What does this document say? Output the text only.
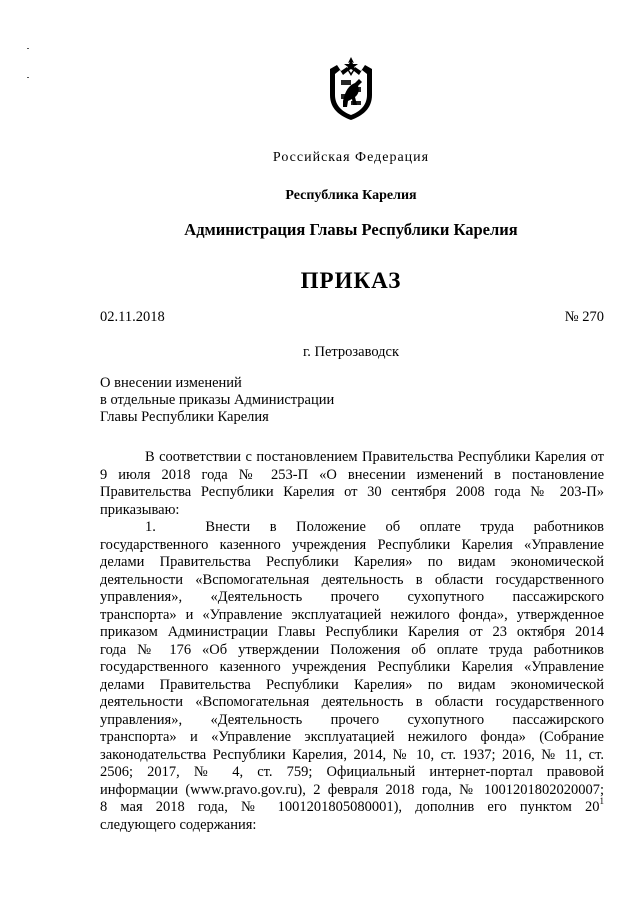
Российская Федерация
Республика Карелия
Администрация Главы Республики Карелия
ПРИКАЗ
02.11.2018	№ 270
г. Петрозаводск
О внесении изменений
в отдельные приказы Администрации
Главы Республики Карелия
В соответствии с постановлением Правительства Республики Карелия от
9 июля 2018 года № 253-П «О внесении изменений в постановление
Правительства Республики Карелия от 30 сентября 2008 года № 203-П»
приказываю:
1.	Внести в Положение об оплате труда работников
государственного казенного учреждения Республики Карелия «Управление
делами Правительства Республики Карелия» по видам экономической
деятельности «Вспомогательная деятельность в области государственного
управления», «Деятельность прочего сухопутного пассажирского
транспорта» и «Управление эксплуатацией нежилого фонда», утвержденное
приказом Администрации Главы Республики Карелия от 23 октября 2014
года № 176 «Об утверждении Положения об оплате труда работников
государственного казенного учреждения Республики Карелия «Управление
делами Правительства Республики Карелия» по видам экономической
деятельности «Вспомогательная деятельность в области государственного
управления», «Деятельность прочего сухопутного пассажирского
транспорта» и «Управление эксплуатацией нежилого фонда» (Собрание
законодательства Республики Карелия, 2014, № 10, ст. 1937; 2016, № 11, ст.
2506; 2017, № 4, ст. 759; Официальный интернет-портал правовой
информации (www.pravo.gov.ru), 2 февраля 2018 года, № 1001201802020007;
8 мая 2018 года, № 1001201805080001), дополнив его пунктом $20^1$
следующего содержания:
